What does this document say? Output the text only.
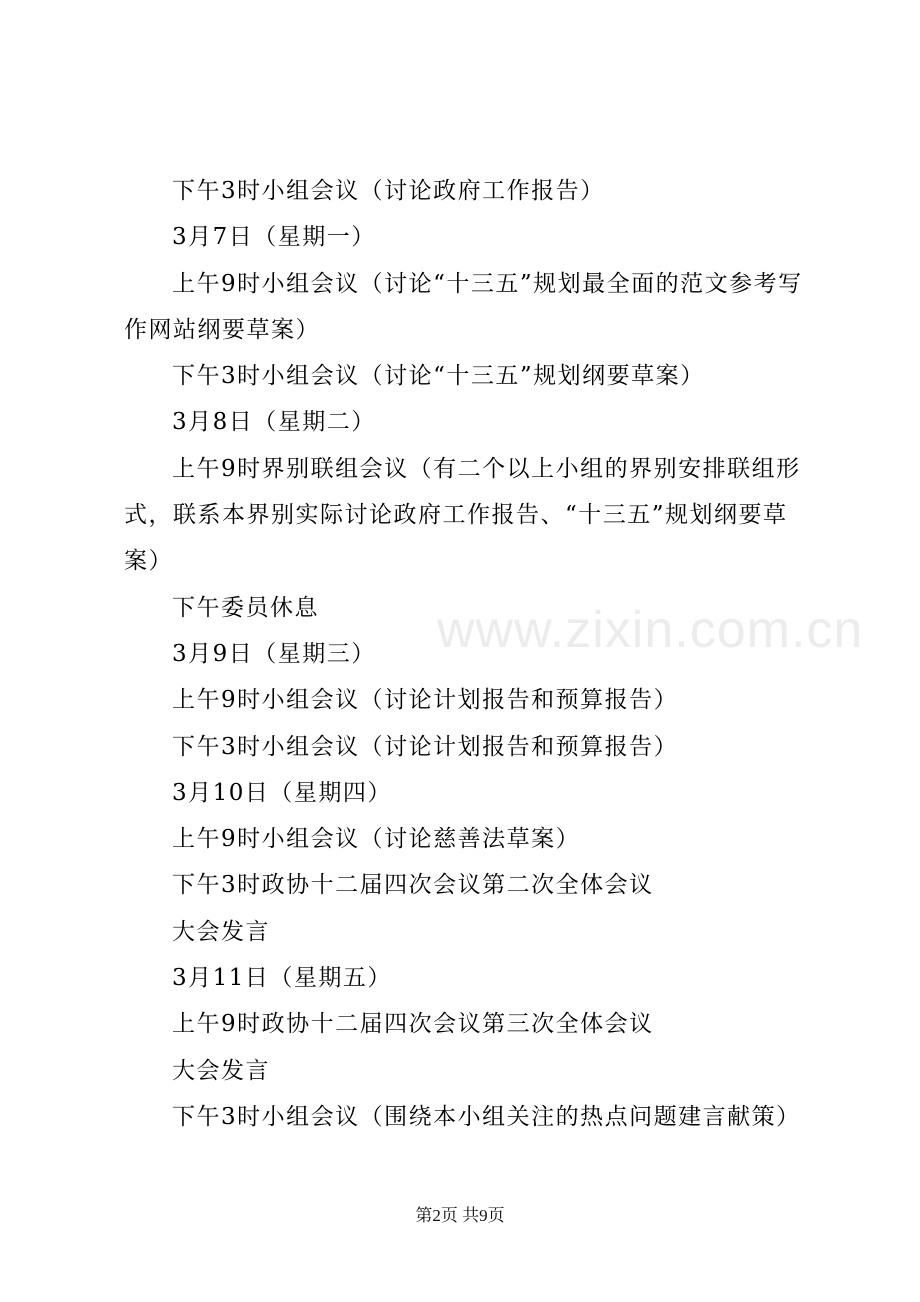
下午3时小组会议（讨论政府工作报告）

3月7日（星期一）

上午9时小组会议（讨论“十三五”规划最全面的范文参考写作网站纲要草案）

下午3时小组会议（讨论“十三五”规划纲要草案）

3月8日（星期二）

上午9时界别联组会议（有二个以上小组的界别安排联组形式，联系本界别实际讨论政府工作报告、“十三五”规划纲要草案）

下午委员休息

3月9日（星期三）

上午9时小组会议（讨论计划报告和预算报告）

下午3时小组会议（讨论计划报告和预算报告）

3月10日（星期四）

上午9时小组会议（讨论慈善法草案）

下午3时政协十二届四次会议第二次全体会议

大会发言

3月11日（星期五）

上午9时政协十二届四次会议第三次全体会议

大会发言

下午3时小组会议（围绕本小组关注的热点问题建言献策）

www.zixin.com.cn
第2页 共9页
